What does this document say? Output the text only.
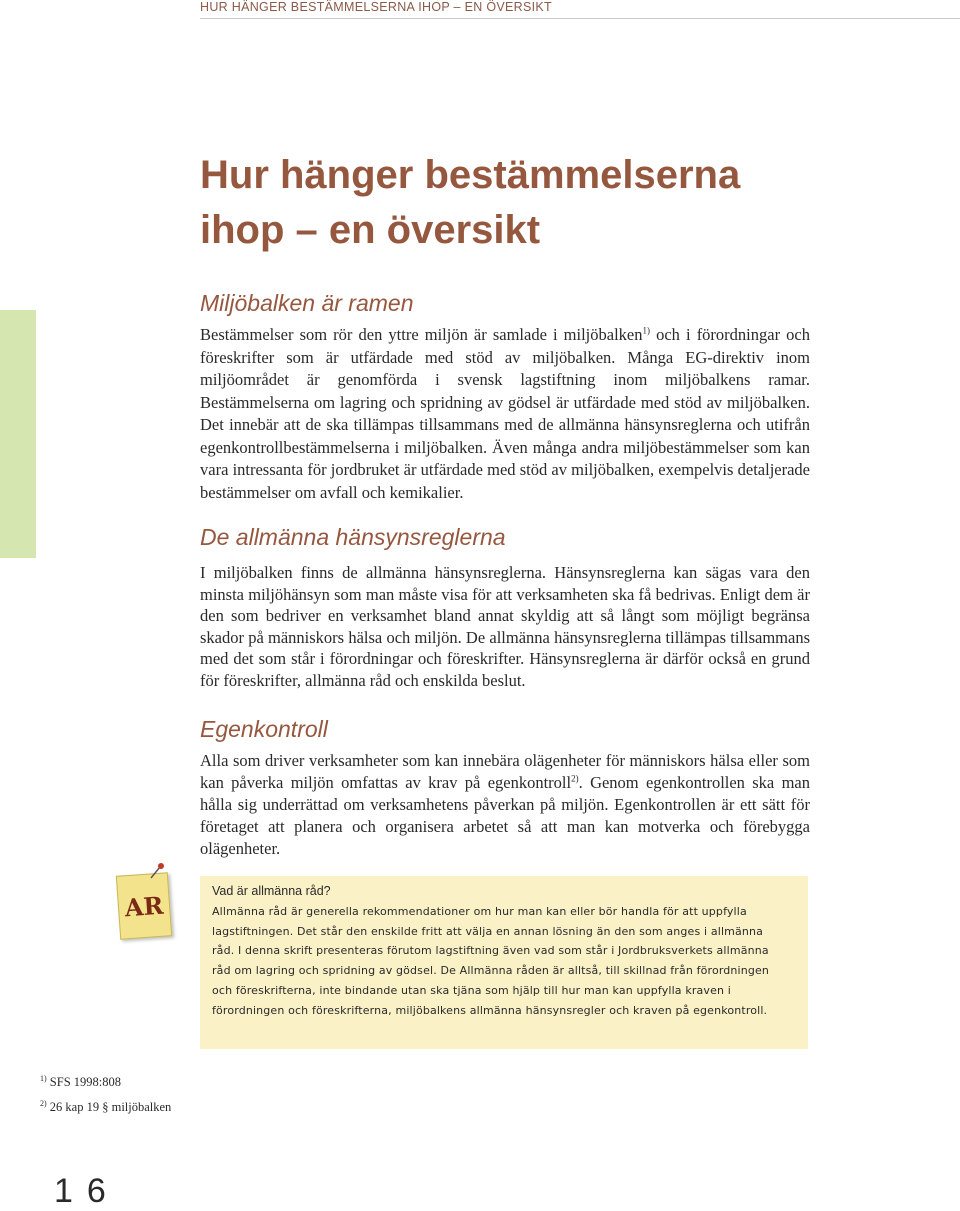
HUR HÄNGER BESTÄMMELSERNA IHOP – EN ÖVERSIKT
Hur hänger bestämmelserna
ihop – en översikt
Miljöbalken är ramen

Bestämmelser som rör den yttre miljön är samlade i miljöbalken$^{1)}$ och i förordningar och föreskrifter som är utfärdade med stöd av miljöbalken. Många EG-direktiv inom miljöområdet är genomförda i svensk lagstiftning inom miljöbalkens ramar. Bestämmelserna om lagring och spridning av gödsel är utfärdade med stöd av miljöbalken. Det innebär att de ska tillämpas tillsammans med de allmänna hänsynsreglerna och utifrån egenkontrollbestämmelserna i miljöbalken. Även många andra miljöbestämmelser som kan vara intressanta för jordbruket är utfärdade med stöd av miljöbalken, exempelvis detaljerade bestämmelser om avfall och kemikalier.

De allmänna hänsynsreglerna

I miljöbalken finns de allmänna hänsynsreglerna. Hänsynsreglerna kan sägas vara den minsta miljöhänsyn som man måste visa för att verksamheten ska få bedrivas. Enligt dem är den som bedriver en verksamhet bland annat skyldig att så långt som möjligt begränsa skador på människors hälsa och miljön. De allmänna hänsynsreglerna tillämpas tillsammans med det som står i förordningar och föreskrifter. Hänsynsreglerna är därför också en grund för föreskrifter, allmänna råd och enskilda beslut.

Egenkontroll

Alla som driver verksamheter som kan innebära olägenheter för människors hälsa eller som kan påverka miljön omfattas av krav på egenkontroll$^{2)}$. Genom egenkontrollen ska man hålla sig underrättad om verksamhetens påverkan på miljön. Egenkontrollen är ett sätt för företaget att planera och organisera arbetet så att man kan motverka och förebygga olägenheter.

AR	Vad är allmänna råd?

Allmänna råd är generella rekommendationer om hur man kan eller bör handla för att uppfylla lagstiftningen. Det står den enskilde fritt att välja en annan lösning än den som anges i allmänna råd. I denna skrift presenteras förutom lagstiftning även vad som står i Jordbruksverkets allmänna råd om lagring och spridning av gödsel. De Allmänna råden är alltså, till skillnad från förordningen och föreskrifterna, inte bindande utan ska tjäna som hjälp till hur man kan uppfylla kraven i förordningen och föreskrifterna, miljöbalkens allmänna hänsynsregler och kraven på egenkontroll.

$^{1)}$ SFS 1998:808
$^{2)}$ 26 kap 19 § miljöbalken
16
